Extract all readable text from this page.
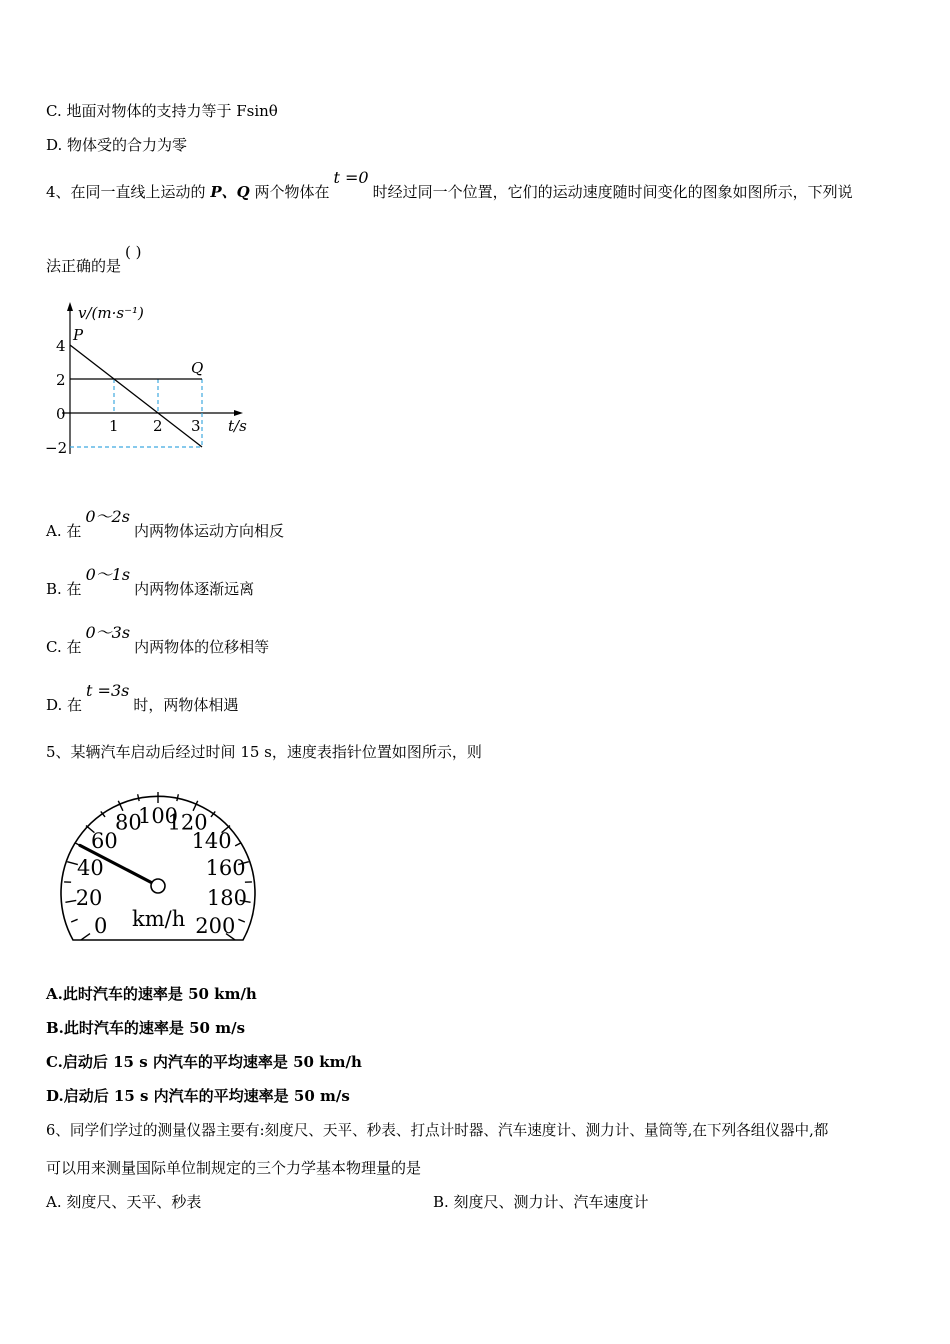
C. 地面对物体的支持力等于 Fsinθ
D. 物体受的合力为零
4、在同一直线上运动的 P、Q 两个物体在t =0时经过同一个位置，它们的运动速度随时间变化的图象如图所示，下列说
法正确的是( )
v/(m·s⁻¹)
t/s
P
Q
4
2
0
−2
1 2 3
A. 在0～2s内两物体运动方向相反
B. 在0～1s内两物体逐渐远离
C. 在0～3s内两物体的位移相等
D. 在t =3s时，两物体相遇
5、某辆汽车启动后经过时间 15 s，速度表指针位置如图所示，则
0
20
40
60
80
100
120
140
160
180
200
km/h
A.此时汽车的速率是 50 km/h
B.此时汽车的速率是 50 m/s
C.启动后 15 s 内汽车的平均速率是 50 km/h
D.启动后 15 s 内汽车的平均速率是 50 m/s
6、同学们学过的测量仪器主要有:刻度尺、天平、秒表、打点计时器、汽车速度计、测力计、量筒等,在下列各组仪器中,都
可以用来测量国际单位制规定的三个力学基本物理量的是
A. 刻度尺、天平、秒表	B. 刻度尺、测力计、汽车速度计
